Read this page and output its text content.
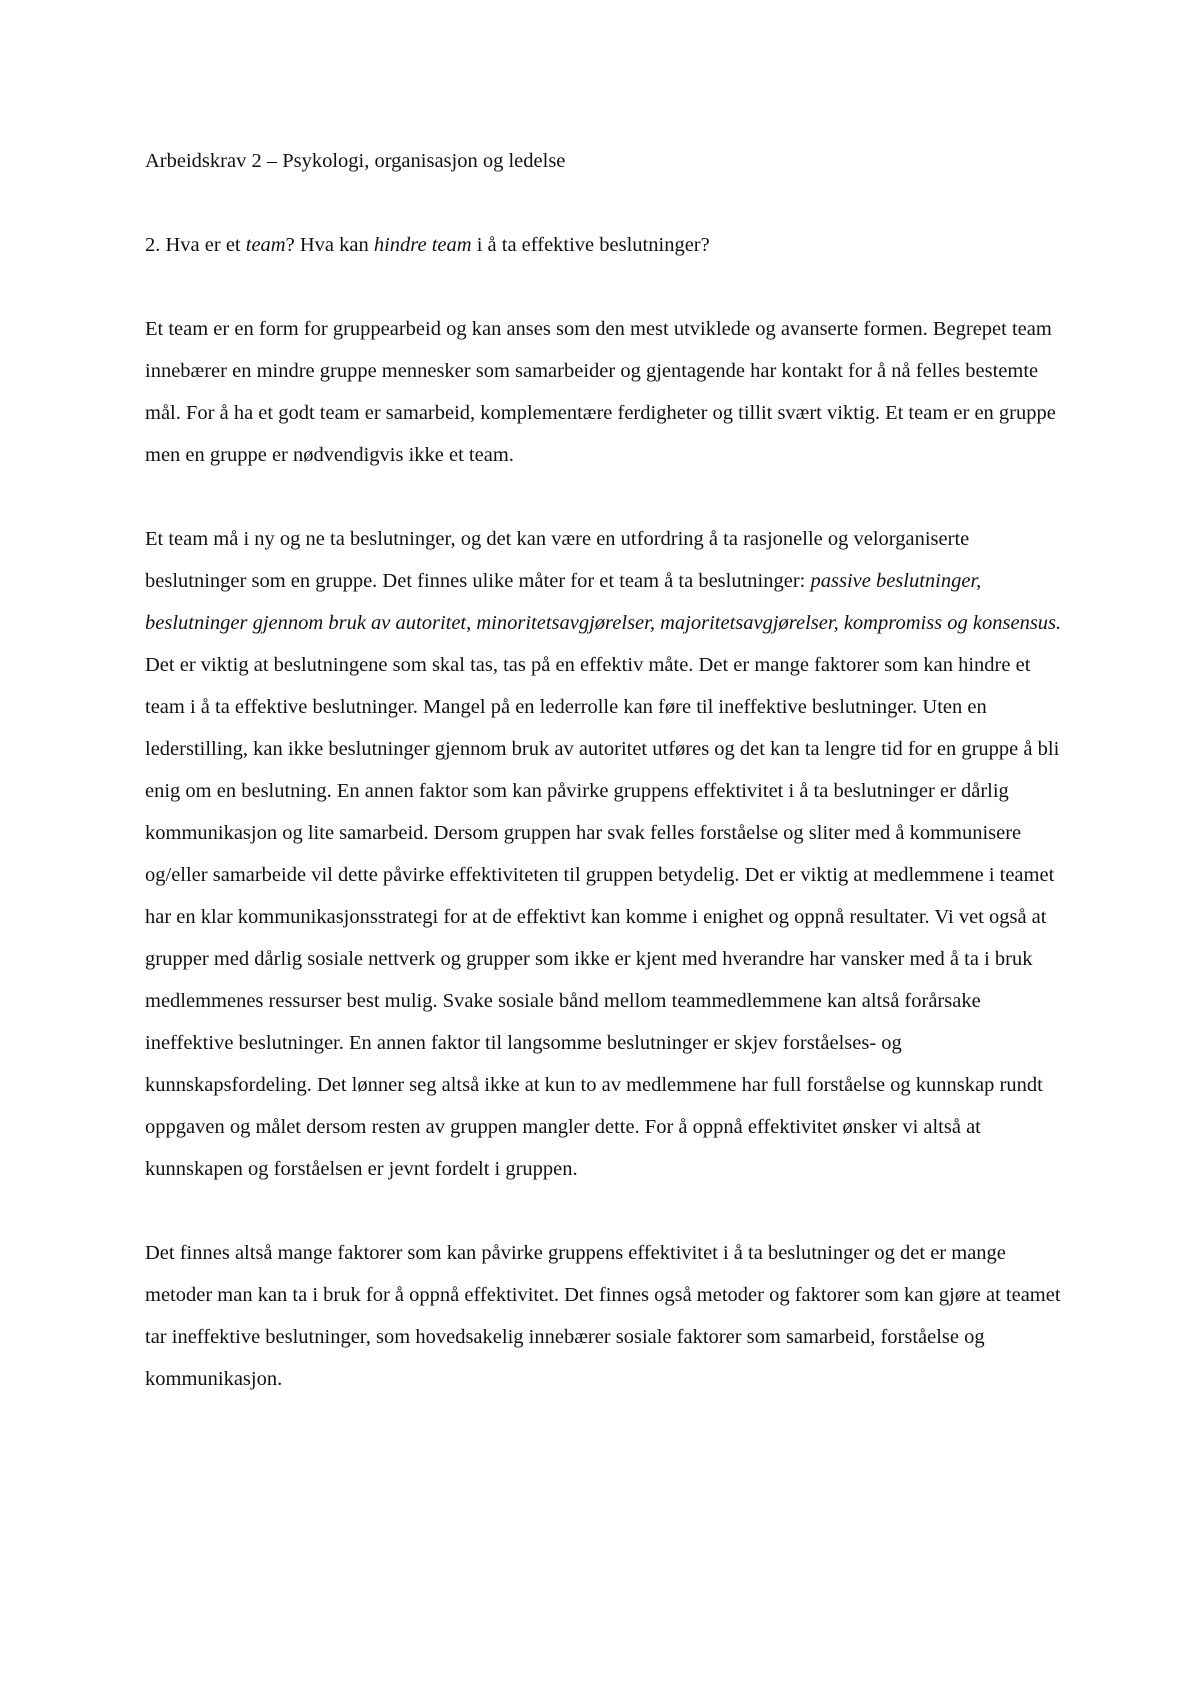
Arbeidskrav 2 – Psykologi, organisasjon og ledelse

2. Hva er et team? Hva kan hindre team i å ta effektive beslutninger?

Et team er en form for gruppearbeid og kan anses som den mest utviklede og avanserte formen. Begrepet team innebærer en mindre gruppe mennesker som samarbeider og gjentagende har kontakt for å nå felles bestemte mål. For å ha et godt team er samarbeid, komplementære ferdigheter og tillit svært viktig. Et team er en gruppe men en gruppe er nødvendigvis ikke et team.

Et team må i ny og ne ta beslutninger, og det kan være en utfordring å ta rasjonelle og velorganiserte beslutninger som en gruppe. Det finnes ulike måter for et team å ta beslutninger: passive beslutninger, beslutninger gjennom bruk av autoritet, minoritetsavgjørelser, majoritetsavgjørelser, kompromiss og konsensus. Det er viktig at beslutningene som skal tas, tas på en effektiv måte. Det er mange faktorer som kan hindre et team i å ta effektive beslutninger. Mangel på en lederrolle kan føre til ineffektive beslutninger. Uten en lederstilling, kan ikke beslutninger gjennom bruk av autoritet utføres og det kan ta lengre tid for en gruppe å bli enig om en beslutning. En annen faktor som kan påvirke gruppens effektivitet i å ta beslutninger er dårlig kommunikasjon og lite samarbeid. Dersom gruppen har svak felles forståelse og sliter med å kommunisere og/eller samarbeide vil dette påvirke effektiviteten til gruppen betydelig. Det er viktig at medlemmene i teamet har en klar kommunikasjonsstrategi for at de effektivt kan komme i enighet og oppnå resultater. Vi vet også at grupper med dårlig sosiale nettverk og grupper som ikke er kjent med hverandre har vansker med å ta i bruk medlemmenes ressurser best mulig. Svake sosiale bånd mellom teammedlemmene kan altså forårsake ineffektive beslutninger. En annen faktor til langsomme beslutninger er skjev forståelses- og kunnskapsfordeling. Det lønner seg altså ikke at kun to av medlemmene har full forståelse og kunnskap rundt oppgaven og målet dersom resten av gruppen mangler dette. For å oppnå effektivitet ønsker vi altså at kunnskapen og forståelsen er jevnt fordelt i gruppen.

Det finnes altså mange faktorer som kan påvirke gruppens effektivitet i å ta beslutninger og det er mange metoder man kan ta i bruk for å oppnå effektivitet. Det finnes også metoder og faktorer som kan gjøre at teamet tar ineffektive beslutninger, som hovedsakelig innebærer sosiale faktorer som samarbeid, forståelse og kommunikasjon.
